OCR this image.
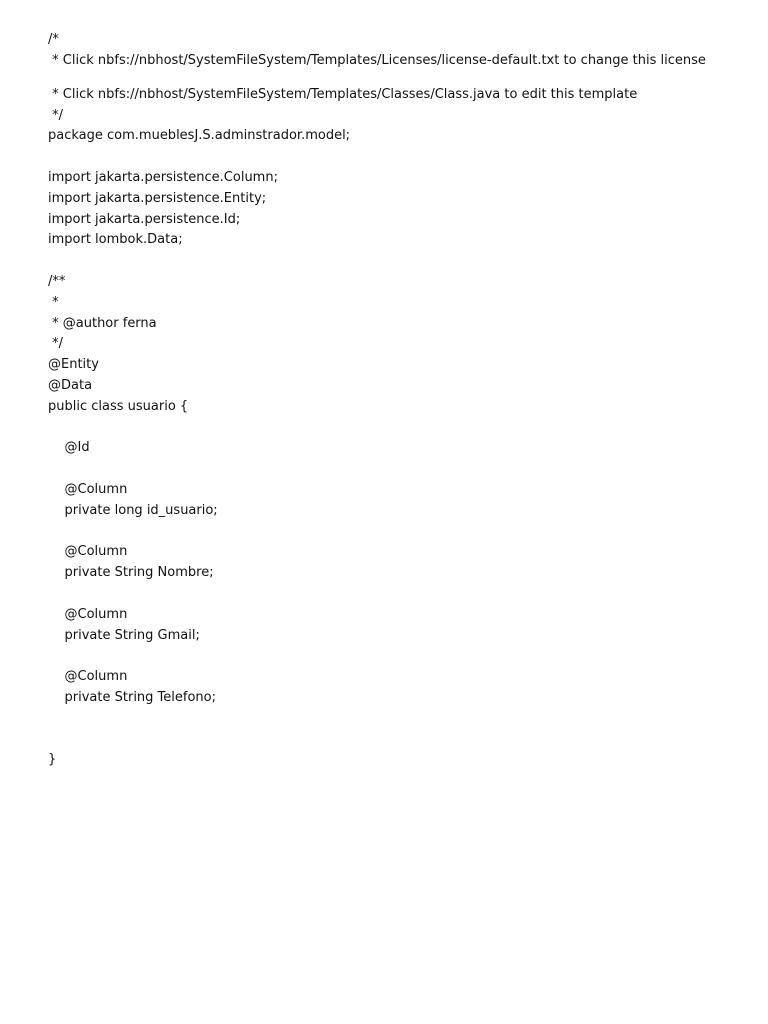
/*
* Click nbfs://nbhost/SystemFileSystem/Templates/Licenses/license-default.txt to change this license
* Click nbfs://nbhost/SystemFileSystem/Templates/Classes/Class.java to edit this template
*/
package com.mueblesJ.S.adminstrador.model;
import jakarta.persistence.Column;
import jakarta.persistence.Entity;
import jakarta.persistence.Id;
import lombok.Data;
/**
*
* @author ferna
*/
@Entity
@Data
public class usuario {
@Id
@Column
private long id_usuario;
@Column
private String Nombre;
@Column
private String Gmail;
@Column
private String Telefono;
}
